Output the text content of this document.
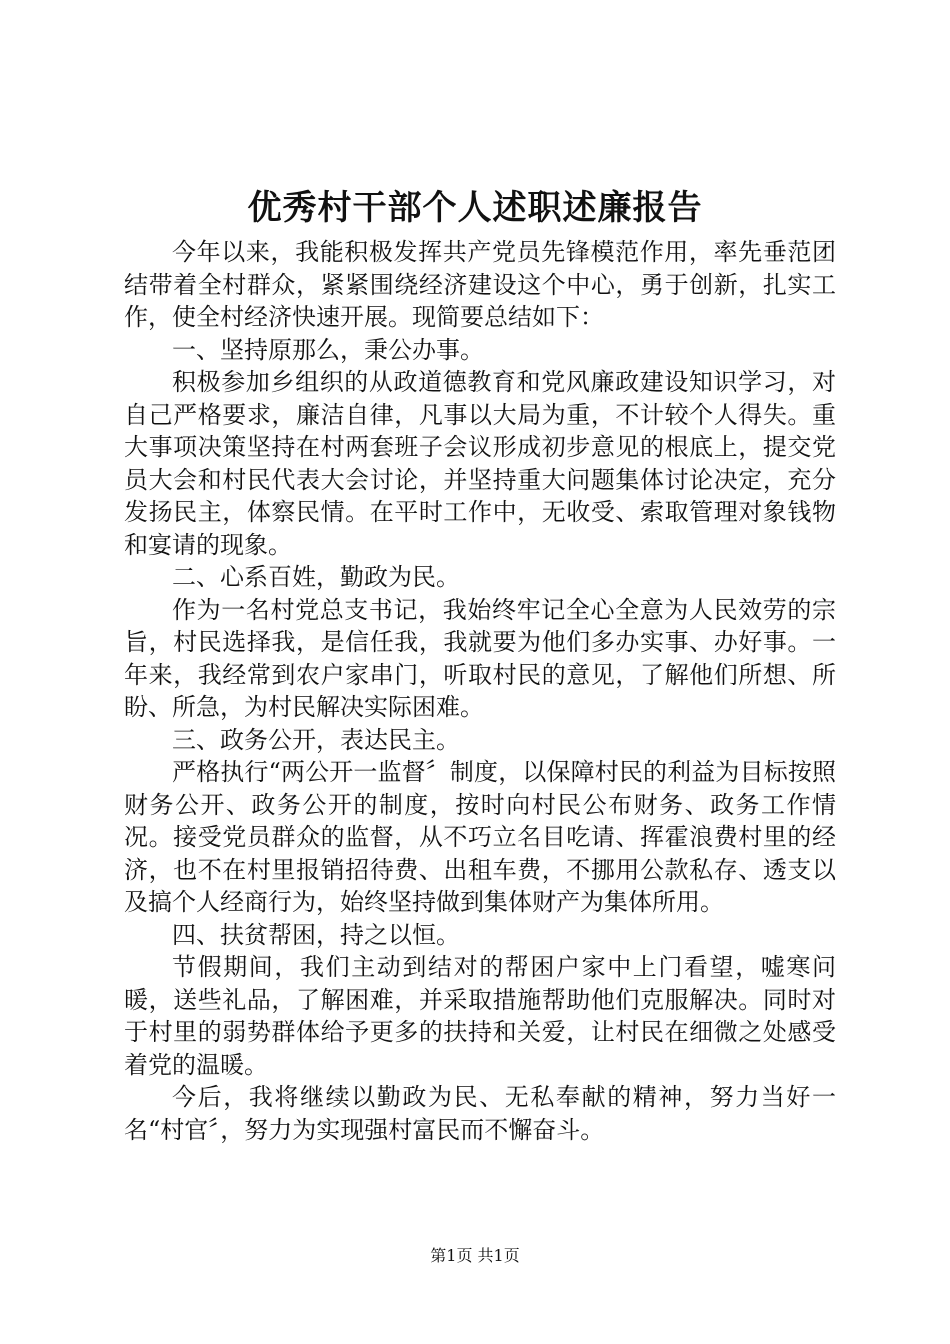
优秀村干部个人述职述廉报告

今年以来，我能积极发挥共产党员先锋模范作用，率先垂范团结带着全村群众，紧紧围绕经济建设这个中心，勇于创新，扎实工作，使全村经济快速开展。现简要总结如下：

一、坚持原那么，秉公办事。

积极参加乡组织的从政道德教育和党风廉政建设知识学习，对自己严格要求，廉洁自律，凡事以大局为重，不计较个人得失。重大事项决策坚持在村两套班子会议形成初步意见的根底上，提交党员大会和村民代表大会讨论，并坚持重大问题集体讨论决定，充分发扬民主，体察民情。在平时工作中，无收受、索取管理对象钱物和宴请的现象。

二、心系百姓，勤政为民。

作为一名村党总支书记，我始终牢记全心全意为人民效劳的宗旨，村民选择我，是信任我，我就要为他们多办实事、办好事。一年来，我经常到农户家串门，听取村民的意见，了解他们所想、所盼、所急，为村民解决实际困难。

三、政务公开，表达民主。

严格执行“两公开一监督〞制度，以保障村民的利益为目标按照财务公开、政务公开的制度，按时向村民公布财务、政务工作情况。接受党员群众的监督，从不巧立名目吃请、挥霍浪费村里的经济，也不在村里报销招待费、出租车费，不挪用公款私存、透支以及搞个人经商行为，始终坚持做到集体财产为集体所用。

四、扶贫帮困，持之以恒。

节假期间，我们主动到结对的帮困户家中上门看望，嘘寒问暖，送些礼品，了解困难，并采取措施帮助他们克服解决。同时对于村里的弱势群体给予更多的扶持和关爱，让村民在细微之处感受着党的温暖。

今后，我将继续以勤政为民、无私奉献的精神，努力当好一名“村官〞，努力为实现强村富民而不懈奋斗。

第1页 共1页
